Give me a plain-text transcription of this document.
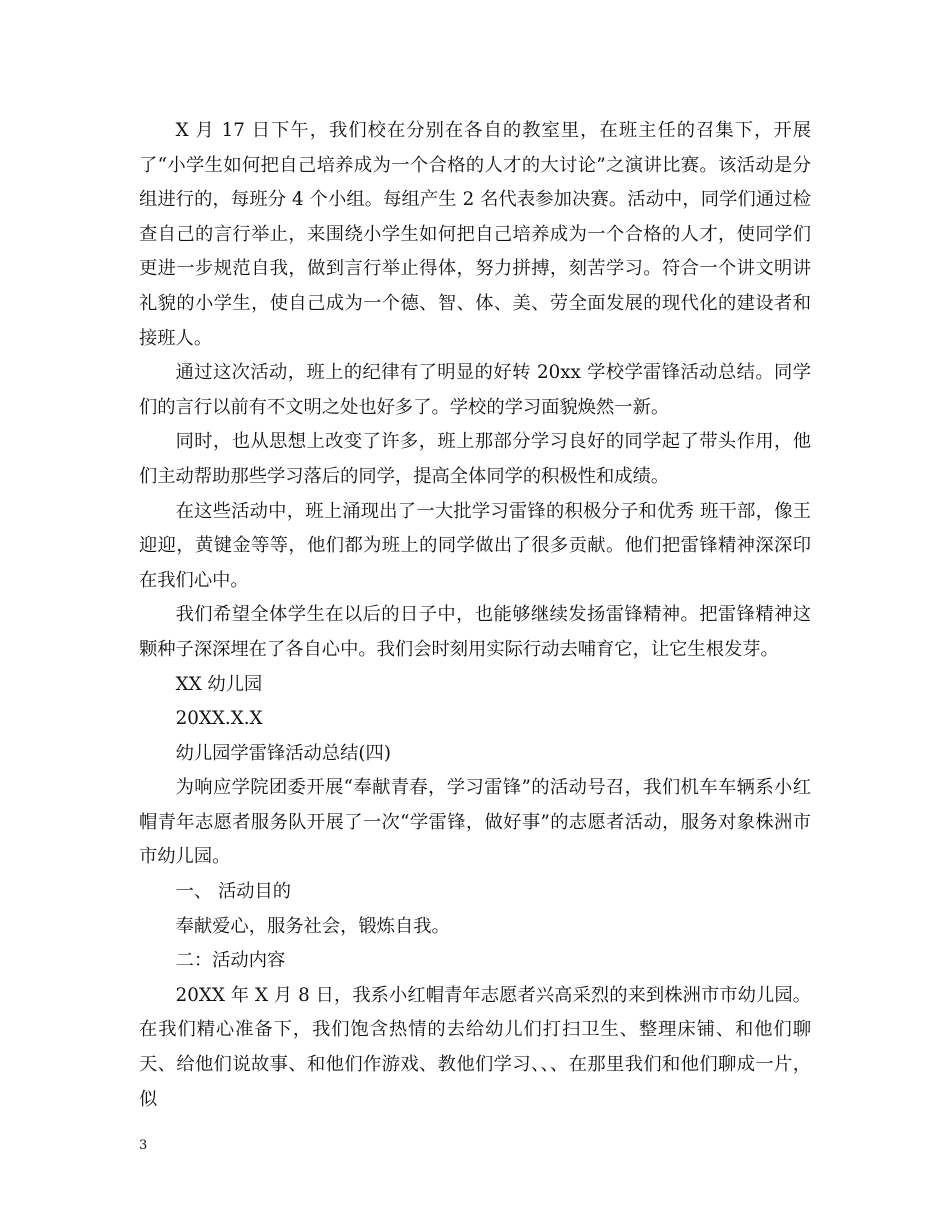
X 月 17 日下午，我们校在分别在各自的教室里，在班主任的召集下，开展了“小学生如何把自己培养成为一个合格的人才的大讨论”之演讲比赛。该活动是分组进行的，每班分 4 个小组。每组产生 2 名代表参加决赛。活动中，同学们通过检查自己的言行举止，来围绕小学生如何把自己培养成为一个合格的人才，使同学们更进一步规范自我，做到言行举止得体，努力拼搏，刻苦学习。符合一个讲文明讲礼貌的小学生，使自己成为一个德、智、体、美、劳全面发展的现代化的建设者和接班人。

通过这次活动，班上的纪律有了明显的好转 20xx 学校学雷锋活动总结。同学们的言行以前有不文明之处也好多了。学校的学习面貌焕然一新。

同时，也从思想上改变了许多，班上那部分学习良好的同学起了带头作用，他们主动帮助那些学习落后的同学，提高全体同学的积极性和成绩。

在这些活动中，班上涌现出了一大批学习雷锋的积极分子和优秀 班干部，像王迎迎，黄键金等等，他们都为班上的同学做出了很多贡献。他们把雷锋精神深深印在我们心中。

我们希望全体学生在以后的日子中，也能够继续发扬雷锋精神。把雷锋精神这颗种子深深埋在了各自心中。我们会时刻用实际行动去哺育它，让它生根发芽。

XX 幼儿园

20XX.X.X

幼儿园学雷锋活动总结(四)

为响应学院团委开展“奉献青春，学习雷锋”的活动号召，我们机车车辆系小红帽青年志愿者服务队开展了一次“学雷锋，做好事”的志愿者活动，服务对象株洲市市幼儿园。

一、 活动目的

奉献爱心，服务社会，锻炼自我。

二：活动内容

20XX 年 X 月 8 日，我系小红帽青年志愿者兴高采烈的来到株洲市市幼儿园。在我们精心准备下，我们饱含热情的去给幼儿们打扫卫生、整理床铺、和他们聊天、给他们说故事、和他们作游戏、教他们学习、、、在那里我们和他们聊成一片，似

3
